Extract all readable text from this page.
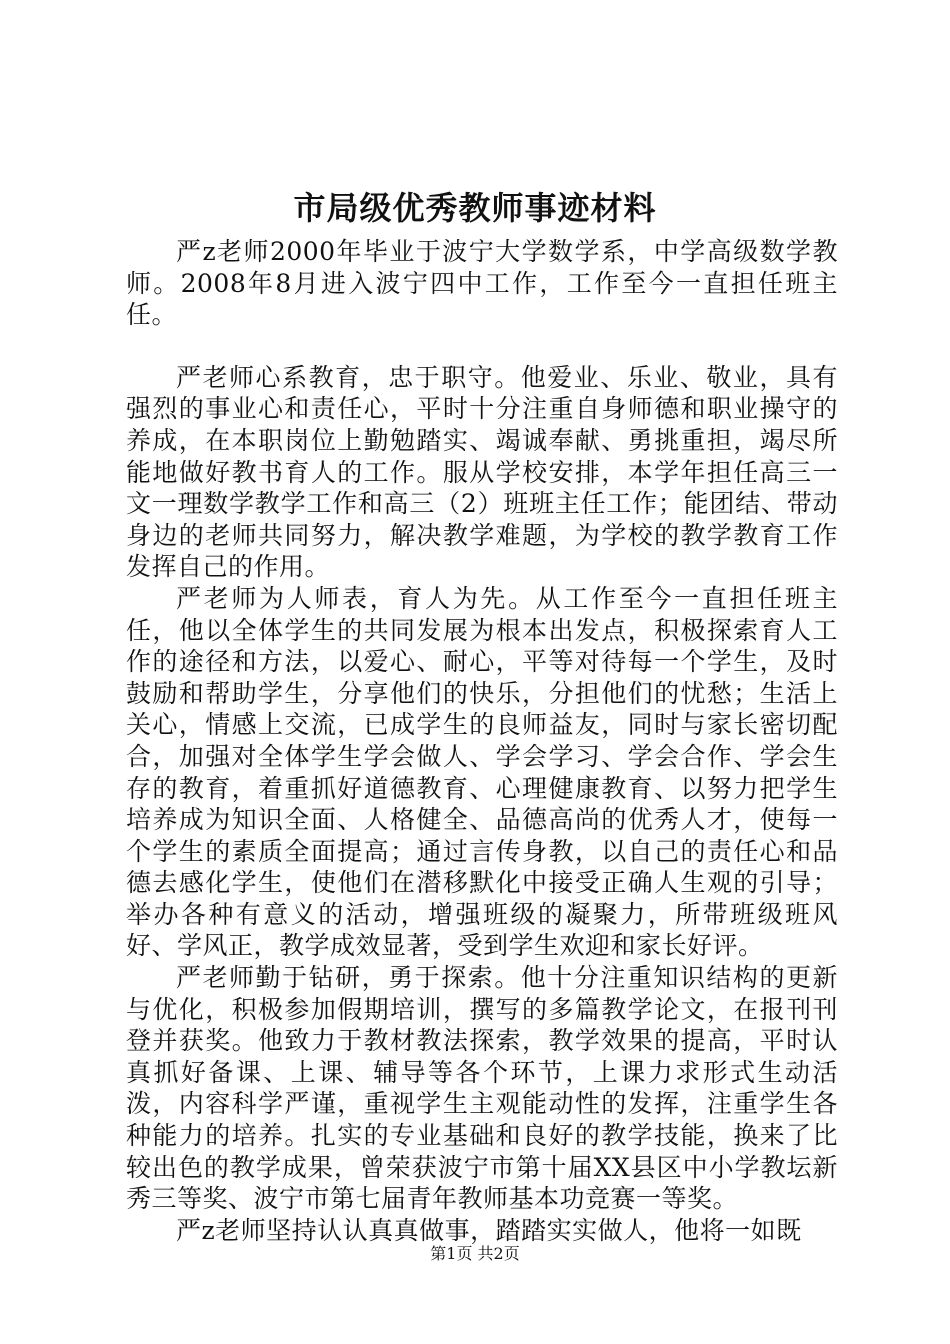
市局级优秀教师事迹材料

严z老师2000年毕业于波宁大学数学系，中学高级数学教师。2008年8月进入波宁四中工作，工作至今一直担任班主任。

严老师心系教育，忠于职守。他爱业、乐业、敬业，具有强烈的事业心和责任心，平时十分注重自身师德和职业操守的养成，在本职岗位上勤勉踏实、竭诚奉献、勇挑重担，竭尽所能地做好教书育人的工作。服从学校安排，本学年担任高三一文一理数学教学工作和高三（2）班班主任工作；能团结、带动身边的老师共同努力，解决教学难题，为学校的教学教育工作发挥自己的作用。

严老师为人师表，育人为先。从工作至今一直担任班主任，他以全体学生的共同发展为根本出发点，积极探索育人工作的途径和方法，以爱心、耐心，平等对待每一个学生，及时鼓励和帮助学生，分享他们的快乐，分担他们的忧愁；生活上关心，情感上交流，已成学生的良师益友，同时与家长密切配合，加强对全体学生学会做人、学会学习、学会合作、学会生存的教育，着重抓好道德教育、心理健康教育、以努力把学生培养成为知识全面、人格健全、品德高尚的优秀人才，使每一个学生的素质全面提高；通过言传身教，以自己的责任心和品德去感化学生，使他们在潜移默化中接受正确人生观的引导；举办各种有意义的活动，增强班级的凝聚力，所带班级班风好、学风正，教学成效显著，受到学生欢迎和家长好评。

严老师勤于钻研，勇于探索。他十分注重知识结构的更新与优化，积极参加假期培训，撰写的多篇教学论文，在报刊刊登并获奖。他致力于教材教法探索，教学效果的提高，平时认真抓好备课、上课、辅导等各个环节，上课力求形式生动活泼，内容科学严谨，重视学生主观能动性的发挥，注重学生各种能力的培养。扎实的专业基础和良好的教学技能，换来了比较出色的教学成果，曾荣获波宁市第十届XX县区中小学教坛新秀三等奖、波宁市第七届青年教师基本功竞赛一等奖。

严z老师坚持认认真真做事，踏踏实实做人，他将一如既

第1页 共2页
